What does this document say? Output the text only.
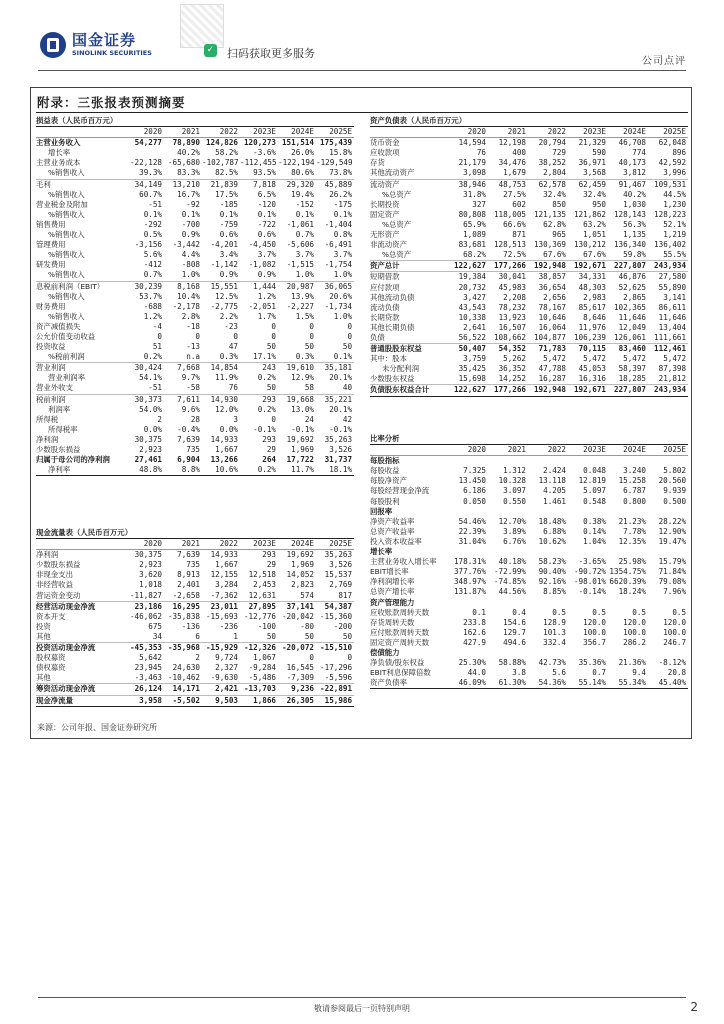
国金证券
SINOLINK SECURITIES	✓ 扫码获取更多服务
公司点评
附录：三张报表预测摘要
损益表（人民币百万元）						
	2020	2021	2022	2023E	2024E	2025E
主营业务收入	54,277	78,890	124,826	120,273	151,514	175,439
增长率		40.2%	58.2%	-3.6%	26.0%	15.8%
主营业务成本	-22,128	-65,680	-102,787	-112,455	-122,194	-129,549
%销售收入	39.3%	83.3%	82.5%	93.5%	80.6%	73.8%
毛利	34,149	13,210	21,839	7,818	29,320	45,889
%销售收入	60.7%	16.7%	17.5%	6.5%	19.4%	26.2%
营业税金及附加	-51	-92	-185	-120	-152	-175
%销售收入	0.1%	0.1%	0.1%	0.1%	0.1%	0.1%
销售费用	-292	-700	-759	-722	-1,061	-1,404
%销售收入	0.5%	0.9%	0.6%	0.6%	0.7%	0.8%
管理费用	-3,156	-3,442	-4,201	-4,450	-5,606	-6,491
%销售收入	5.6%	4.4%	3.4%	3.7%	3.7%	3.7%
研发费用	-412	-808	-1,142	-1,082	-1,515	-1,754
%销售收入	0.7%	1.0%	0.9%	0.9%	1.0%	1.0%
息税前利润（EBIT）	30,239	8,168	15,551	1,444	20,987	36,065
%销售收入	53.7%	10.4%	12.5%	1.2%	13.9%	20.6%
财务费用	-688	-2,178	-2,775	-2,051	-2,227	-1,734
%销售收入	1.2%	2.8%	2.2%	1.7%	1.5%	1.0%
资产减值损失	-4	-18	-23	0	0	0
公允价值变动收益	0	0	0	0	0	0
投资收益	51	-13	47	50	50	50
%税前利润	0.2%	n.a	0.3%	17.1%	0.3%	0.1%
营业利润	30,424	7,668	14,854	243	19,610	35,181
营业利润率	54.1%	9.7%	11.9%	0.2%	12.9%	20.1%
营业外收支	-51	-58	76	50	58	40
税前利润	30,373	7,611	14,930	293	19,668	35,221
利润率	54.0%	9.6%	12.0%	0.2%	13.0%	20.1%
所得税	2	28	3	0	24	42
所得税率	0.0%	-0.4%	0.0%	-0.1%	-0.1%	-0.1%
净利润	30,375	7,639	14,933	293	19,692	35,263
少数股东损益	2,923	735	1,667	29	1,969	3,526
归属于母公司的净利润	27,461	6,904	13,266	264	17,722	31,737
净利率	48.8%	8.8%	10.6%	0.2%	11.7%	18.1%
现金流量表（人民币百万元）						
	2020	2021	2022	2023E	2024E	2025E
净利润	30,375	7,639	14,933	293	19,692	35,263
少数股东损益	2,923	735	1,667	29	1,969	3,526
非现金支出	3,620	8,913	12,155	12,518	14,052	15,537
非经营收益	1,018	2,401	3,284	2,453	2,823	2,769
营运资金变动	-11,827	-2,658	-7,362	12,631	574	817
经营活动现金净流	23,186	16,295	23,011	27,895	37,141	54,387
资本开支	-46,062	-35,838	-15,693	-12,776	-20,042	-15,360
投资	675	-136	-236	-100	-80	-200
其他	34	6	1	50	50	50
投资活动现金净流	-45,353	-35,968	-15,929	-12,326	-20,072	-15,510
股权募资	5,642	2	9,724	1,067	0	0
债权募资	23,945	24,630	2,327	-9,284	16,545	-17,296
其他	-3,463	-10,462	-9,630	-5,486	-7,309	-5,596
筹资活动现金净流	26,124	14,171	2,421	-13,703	9,236	-22,891
现金净流量	3,958	-5,502	9,503	1,866	26,305	15,986
资产负债表（人民币百万元）						
	2020	2021	2022	2023E	2024E	2025E
货币资金	14,594	12,198	20,794	21,329	46,708	62,048
应收款项	76	400	729	590	774	896
存货	21,179	34,476	38,252	36,971	40,173	42,592
其他流动资产	3,098	1,679	2,804	3,568	3,812	3,996
流动资产	38,946	48,753	62,578	62,459	91,467	109,531
%总资产	31.8%	27.5%	32.4%	32.4%	40.2%	44.5%
长期投资	327	602	850	950	1,030	1,230
固定资产	80,808	118,005	121,135	121,862	128,143	128,223
%总资产	65.9%	66.6%	62.8%	63.2%	56.3%	52.1%
无形资产	1,089	871	965	1,051	1,135	1,219
非流动资产	83,681	128,513	130,369	130,212	136,340	136,402
%总资产	68.2%	72.5%	67.6%	67.6%	59.8%	55.5%
资产总计	122,627	177,266	192,948	192,671	227,807	243,934
短期借款	19,384	30,041	38,857	34,331	46,876	27,580
应付款项	20,732	45,983	36,654	48,303	52,625	55,890
其他流动负债	3,427	2,208	2,656	2,983	2,865	3,141
流动负债	43,543	78,232	78,167	85,617	102,365	86,611
长期贷款	10,338	13,923	10,646	8,646	11,646	11,646
其他长期负债	2,641	16,507	16,064	11,976	12,049	13,404
负债	56,522	108,662	104,877	106,239	126,061	111,661
普通股股东权益	50,407	54,352	71,783	70,115	83,460	112,461
其中：股本	3,759	5,262	5,472	5,472	5,472	5,472
未分配利润	35,425	36,352	47,788	45,053	58,397	87,398
少数股东权益	15,698	14,252	16,287	16,316	18,285	21,812
负债股东权益合计	122,627	177,266	192,948	192,671	227,807	243,934
比率分析						
	2020	2021	2022	2023E	2024E	2025E
每股指标						
每股收益	7.325	1.312	2.424	0.048	3.240	5.802
每股净资产	13.450	10.328	13.118	12.819	15.258	20.560
每股经营现金净流	6.186	3.097	4.205	5.097	6.787	9.939
每股股利	0.050	0.550	1.461	0.548	0.800	0.500
回报率						
净资产收益率	54.46%	12.70%	18.48%	0.38%	21.23%	28.22%
总资产收益率	22.39%	3.89%	6.88%	0.14%	7.78%	12.90%
投入资本收益率	31.04%	6.76%	10.62%	1.04%	12.35%	19.47%
增长率						
主营业务收入增长率	178.31%	40.18%	58.23%	-3.65%	25.98%	15.79%
EBIT增长率	377.76%	-72.99%	90.40%	-90.72%	1354.75%	71.84%
净利润增长率	348.97%	-74.85%	92.16%	-98.01%	6620.39%	79.08%
总资产增长率	131.87%	44.56%	8.85%	-0.14%	18.24%	7.96%
资产管理能力						
应收账款周转天数	0.1	0.4	0.5	0.5	0.5	0.5
存货周转天数	233.8	154.6	128.9	120.0	120.0	120.0
应付账款周转天数	162.6	129.7	101.3	100.0	100.0	100.0
固定资产周转天数	427.9	494.6	332.4	356.7	286.2	246.7
偿债能力						
净负债/股东权益	25.30%	58.88%	42.73%	35.36%	21.36%	-8.12%
EBIT利息保障倍数	44.0	3.8	5.6	0.7	9.4	20.8
资产负债率	46.09%	61.30%	54.36%	55.14%	55.34%	45.40%
来源：公司年报、国金证券研究所
敬请参阅最后一页特别声明	2
